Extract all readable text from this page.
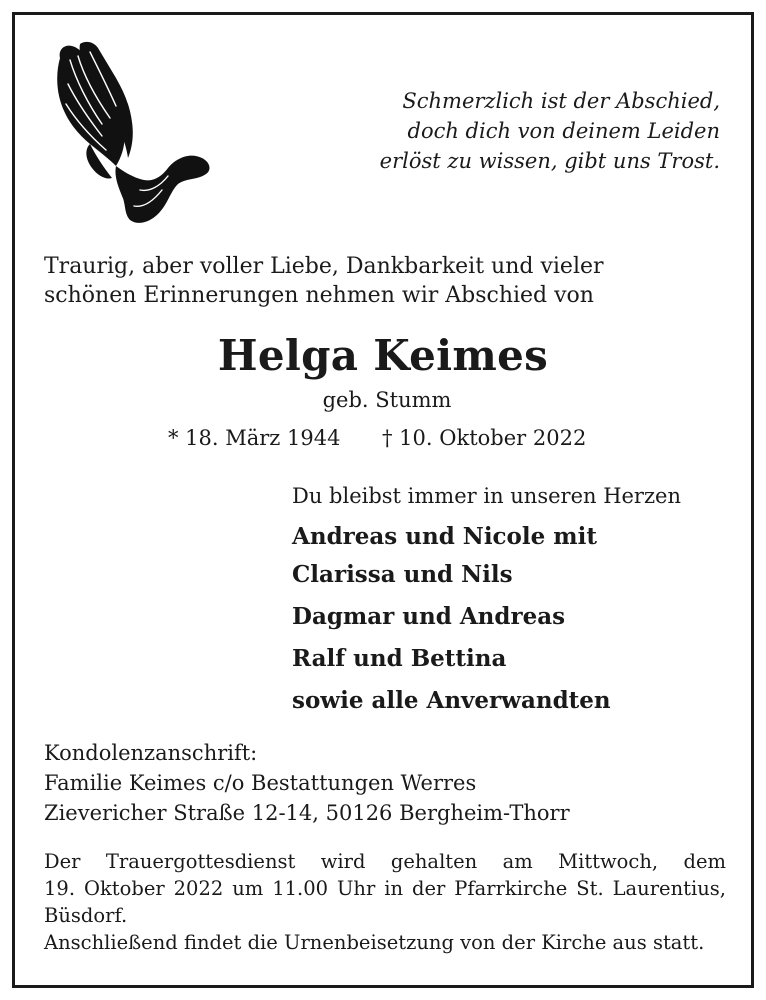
Schmerzlich ist der Abschied,
doch dich von deinem Leiden
erlöst zu wissen, gibt uns Trost.
Traurig, aber voller Liebe, Dankbarkeit und vieler
schönen Erinnerungen nehmen wir Abschied von
Helga Keimes
geb. Stumm
* 18. März 1944 † 10. Oktober 2022
Du bleibst immer in unseren Herzen
Andreas und Nicole mit
Clarissa und Nils
Dagmar und Andreas
Ralf und Bettina
sowie alle Anverwandten
Kondolenzanschrift:
Familie Keimes c/o Bestattungen Werres
Zievericher Straße 12-14, 50126 Bergheim-Thorr
Der Trauergottesdienst wird gehalten am Mittwoch, dem
19. Oktober 2022 um 11.00 Uhr in der Pfarrkirche St. Laurentius,
Büsdorf.
Anschließend findet die Urnenbeisetzung von der Kirche aus statt.
